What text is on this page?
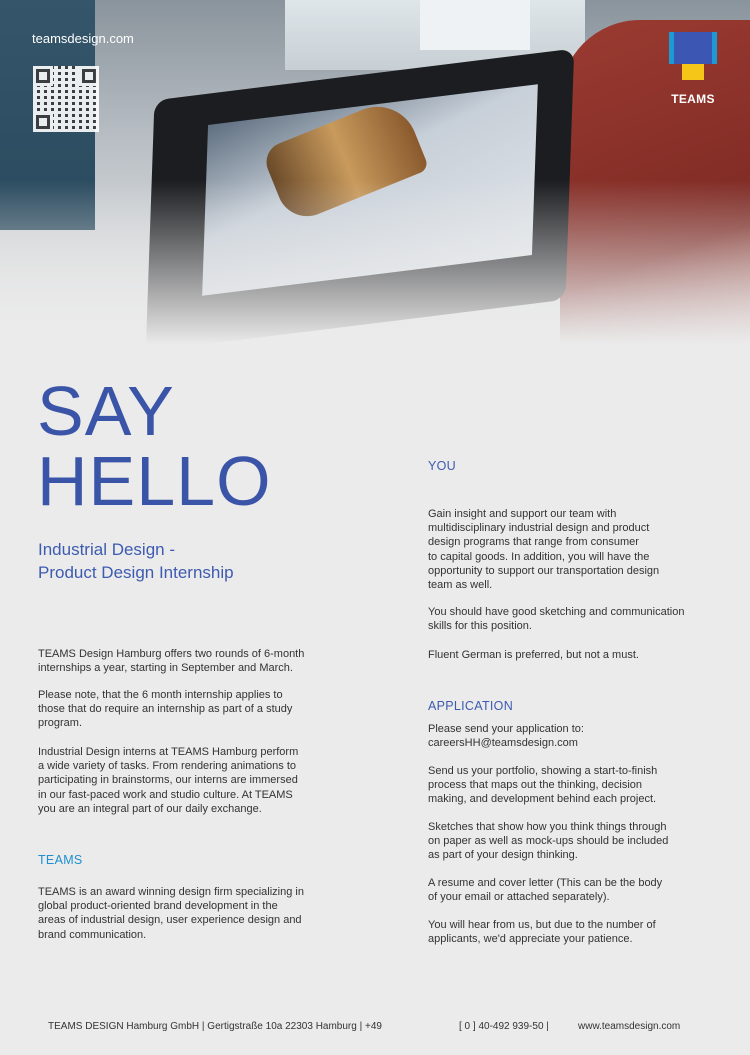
teamsdesign.com
TEAMS
SAY
HELLO
Industrial Design -
Product Design Internship
TEAMS Design Hamburg offers two rounds of 6-month
internships a year, starting in September and March.
Please note, that the 6 month internship applies to
those that do require an internship as part of a study
program.
Industrial Design interns at TEAMS Hamburg perform
a wide variety of tasks. From rendering animations to
participating in brainstorms, our interns are immersed
in our fast-paced work and studio culture. At TEAMS
you are an integral part of our daily exchange.
TEAMS
TEAMS is an award winning design firm specializing in
global product-oriented brand development in the
areas of industrial design, user experience design and
brand communication.
YOU
Gain insight and support our team with
multidisciplinary industrial design and product
design programs that range from consumer
to capital goods. In addition, you will have the
opportunity to support our transportation design
team as well.
You should have good sketching and communication
skills for this position.
Fluent German is preferred, but not a must.
APPLICATION
Please send your application to:
careersHH@teamsdesign.com
Send us your portfolio, showing a start-to-finish
process that maps out the thinking, decision
making, and development behind each project.
Sketches that show how you think things through
on paper as well as mock-ups should be included
as part of your design thinking.
A resume and cover letter (This can be the body
of your email or attached separately).
You will hear from us, but due to the number of
applicants, we'd appreciate your patience.
TEAMS DESIGN Hamburg GmbH | Gertigstraße 10a 22303 Hamburg | +49	[ 0 ] 40-492 939-50 |	www.teamsdesign.com
